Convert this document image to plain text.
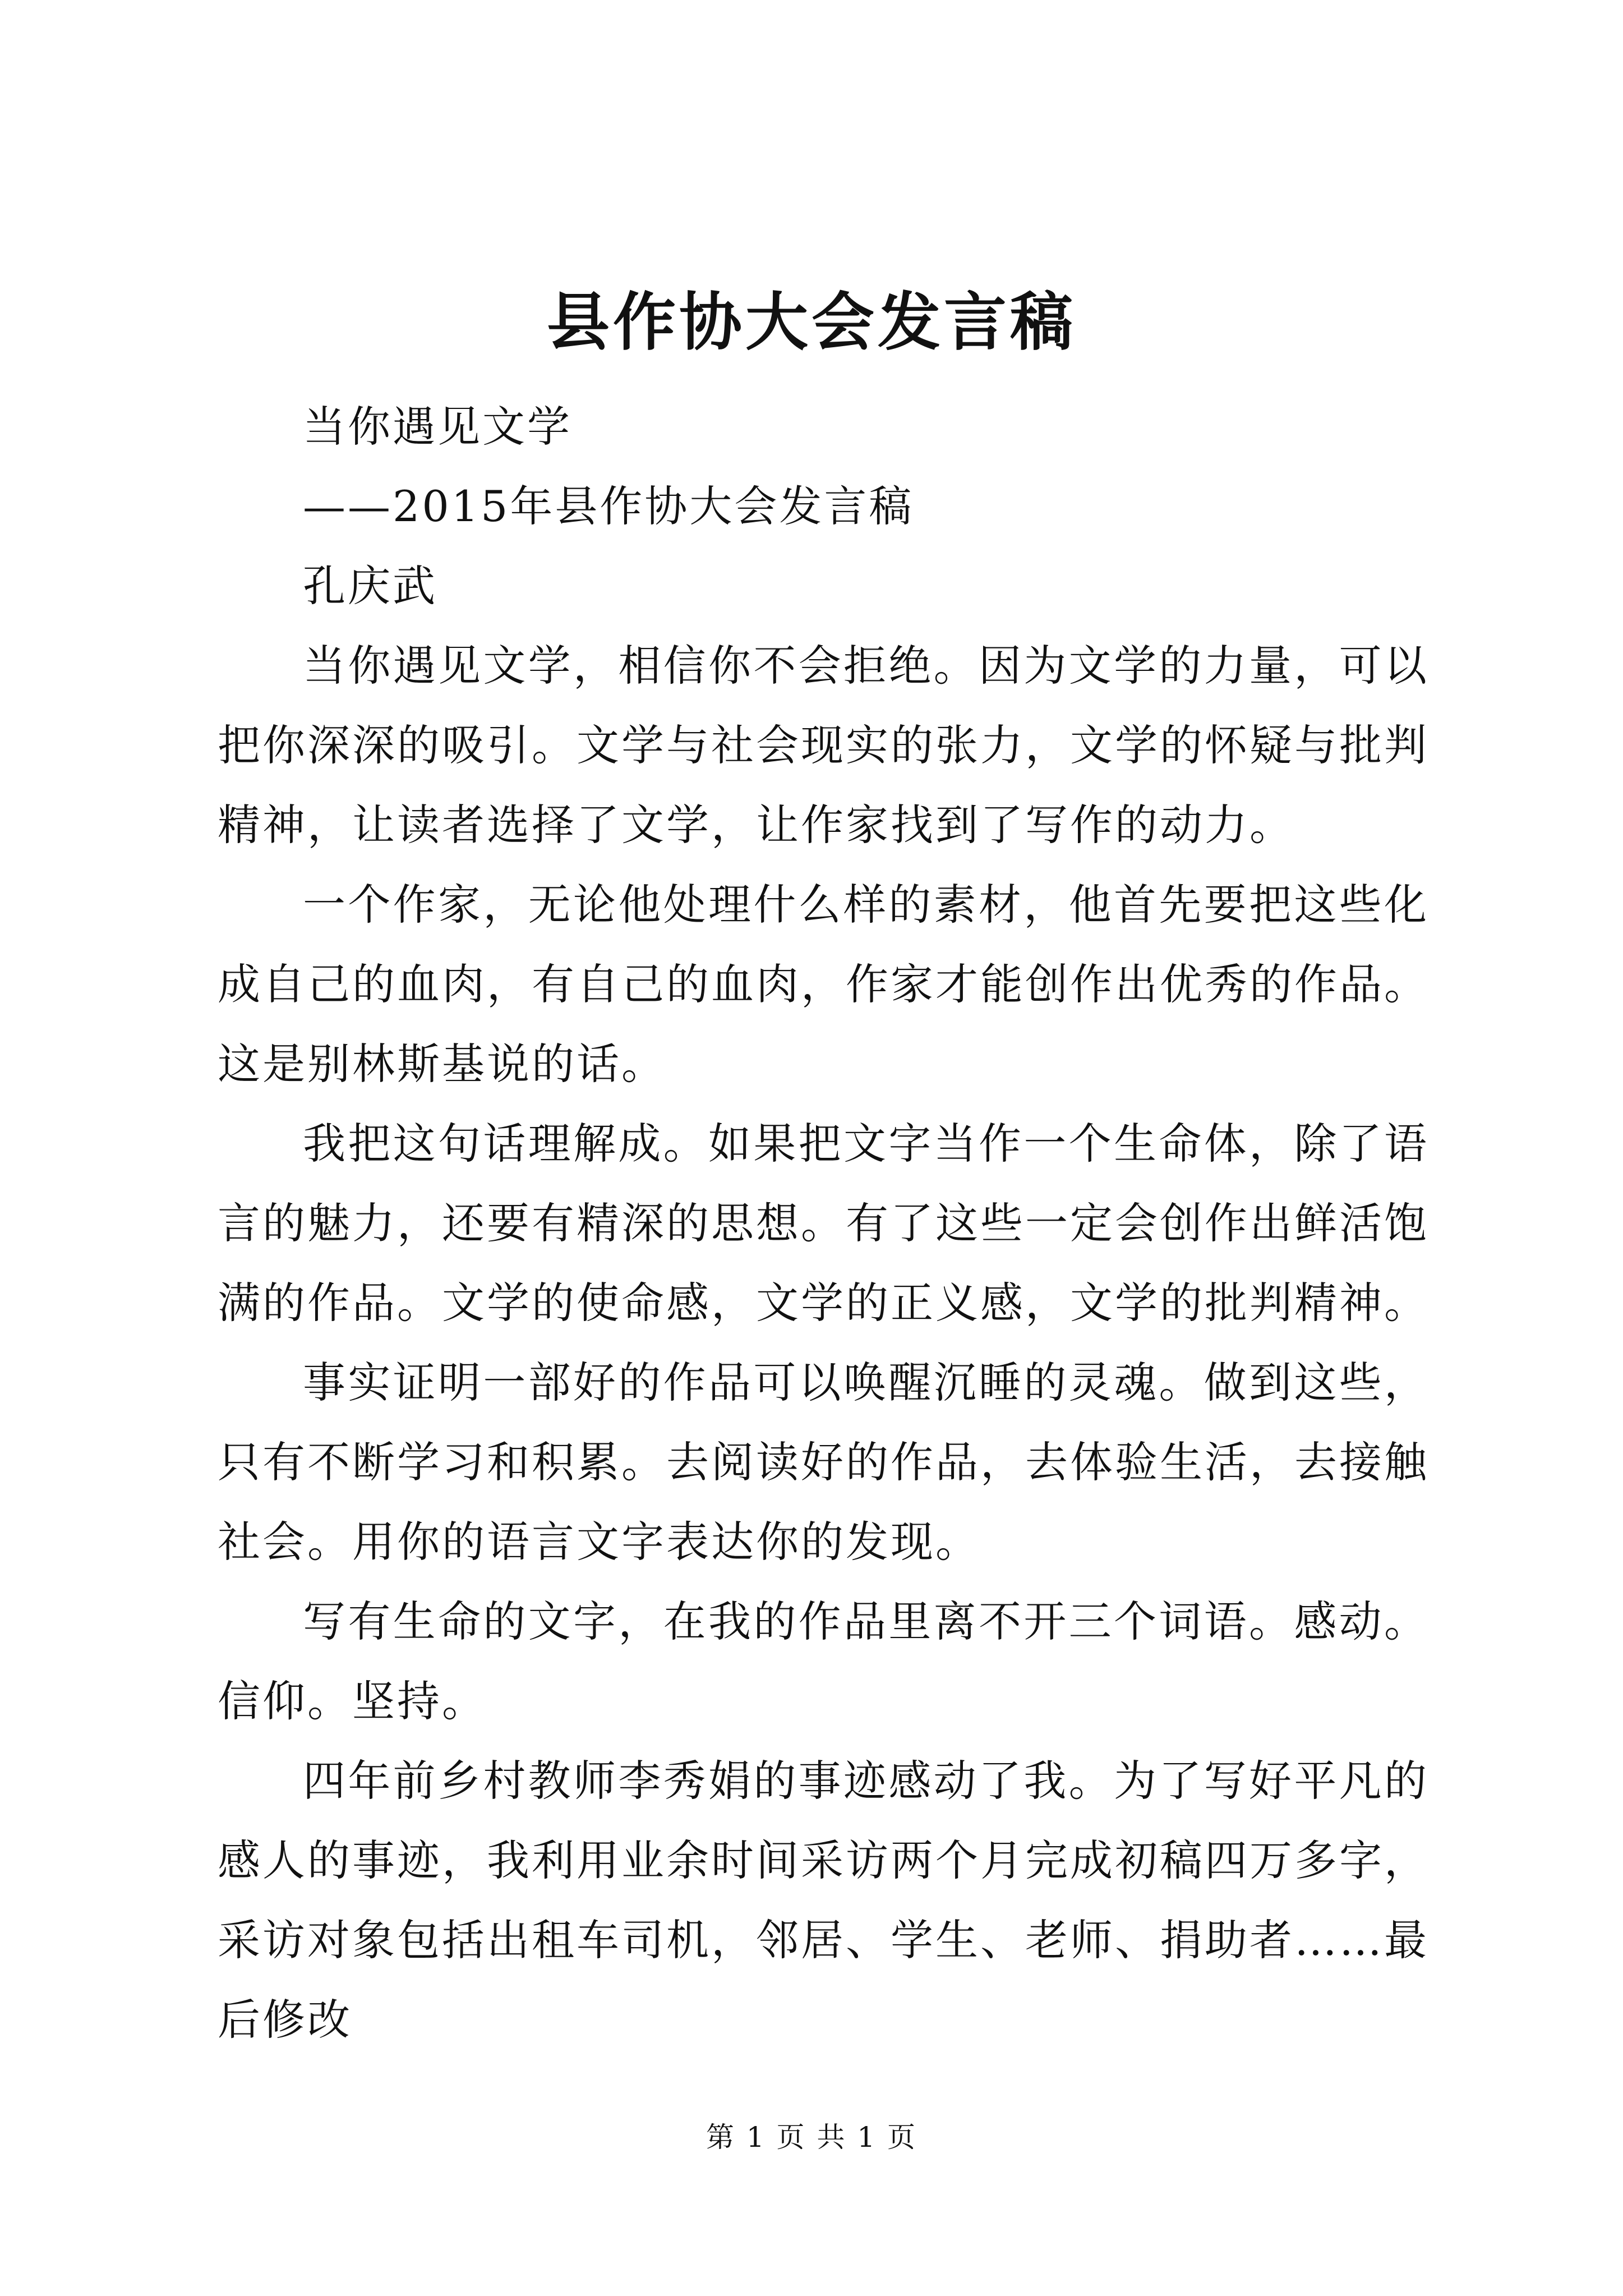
县作协大会发言稿

当你遇见文学

——2015年县作协大会发言稿

孔庆武

当你遇见文学，相信你不会拒绝。因为文学的力量，可以把你深深的吸引。文学与社会现实的张力，文学的怀疑与批判精神，让读者选择了文学，让作家找到了写作的动力。

一个作家，无论他处理什么样的素材，他首先要把这些化成自己的血肉，有自己的血肉，作家才能创作出优秀的作品。这是别林斯基说的话。

我把这句话理解成。如果把文字当作一个生命体，除了语言的魅力，还要有精深的思想。有了这些一定会创作出鲜活饱满的作品。文学的使命感，文学的正义感，文学的批判精神。

事实证明一部好的作品可以唤醒沉睡的灵魂。做到这些，只有不断学习和积累。去阅读好的作品，去体验生活，去接触社会。用你的语言文字表达你的发现。

写有生命的文字，在我的作品里离不开三个词语。感动。信仰。坚持。

四年前乡村教师李秀娟的事迹感动了我。为了写好平凡的感人的事迹，我利用业余时间采访两个月完成初稿四万多字，采访对象包括出租车司机，邻居、学生、老师、捐助者……最后修改

第 1 页 共 1 页
